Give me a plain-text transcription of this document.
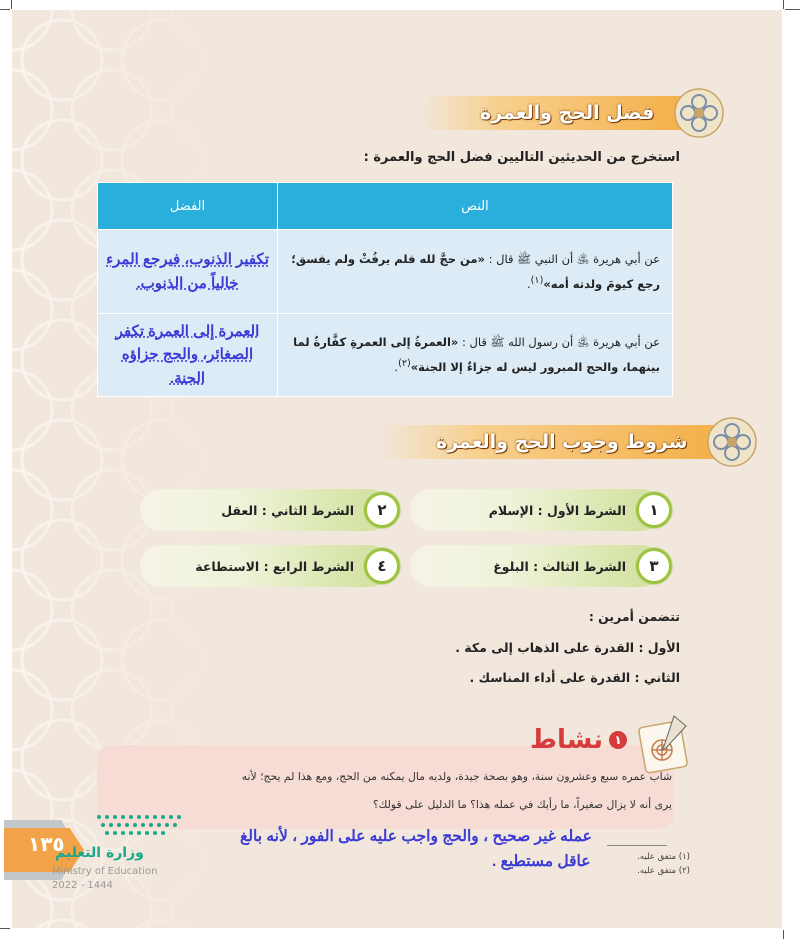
فضل الحج والعمرة
استخرج من الحديثين التاليين فضل الحج والعمرة :
النص	الفضل
عن أبي هريرة ﵁ أن النبي ﷺ قال : «من حجَّ لله فلم يرفُثْ ولم يفسق؛ رجع كيومَ ولدته أمه»$^{(١)}$.	تكفير الذنوب، فيرجع المرء خالياً من الذنوب.
عن أبي هريرة ﵁ أن رسول الله ﷺ قال : «العمرةُ إلى العمرةِ كفَّارةٌ لما بينهما، والحج المبرور ليس له جزاءٌ إلا الجنة»$^{(٢)}$.	العمرة إلى العمرة تكفر الصغائر، والحج جزاؤه الجنة.
شروط وجوب الحج والعمرة
١
الشرط الأول : الإسلام
٢
الشرط الثاني : العقل
٣
الشرط الثالث : البلوغ
٤
الشرط الرابع : الاستطاعة
تتضمن أمرين :
الأول : القدرة على الذهاب إلى مكة .
الثاني : القدرة على أداء المناسك .
١
نشاط
شاب عمره سبع وعشرون سنة، وهو بصحة جيدة، ولديه مال يمكنه من الحج، ومع هذا لم يحج؛ لأنه
يرى أنه لا يزال صغيراً، ما رأيك في عمله هذا؟ ما الدليل على قولك؟
عمله غير صحيح ، والحج واجب عليه على الفور ، لأنه بالغ
عاقل مستطيع .	(١) متفق عليه.
(٢) متفق عليه.
١٣٥
وزارة التعليم
Ministry of Education
2022 - 1444
